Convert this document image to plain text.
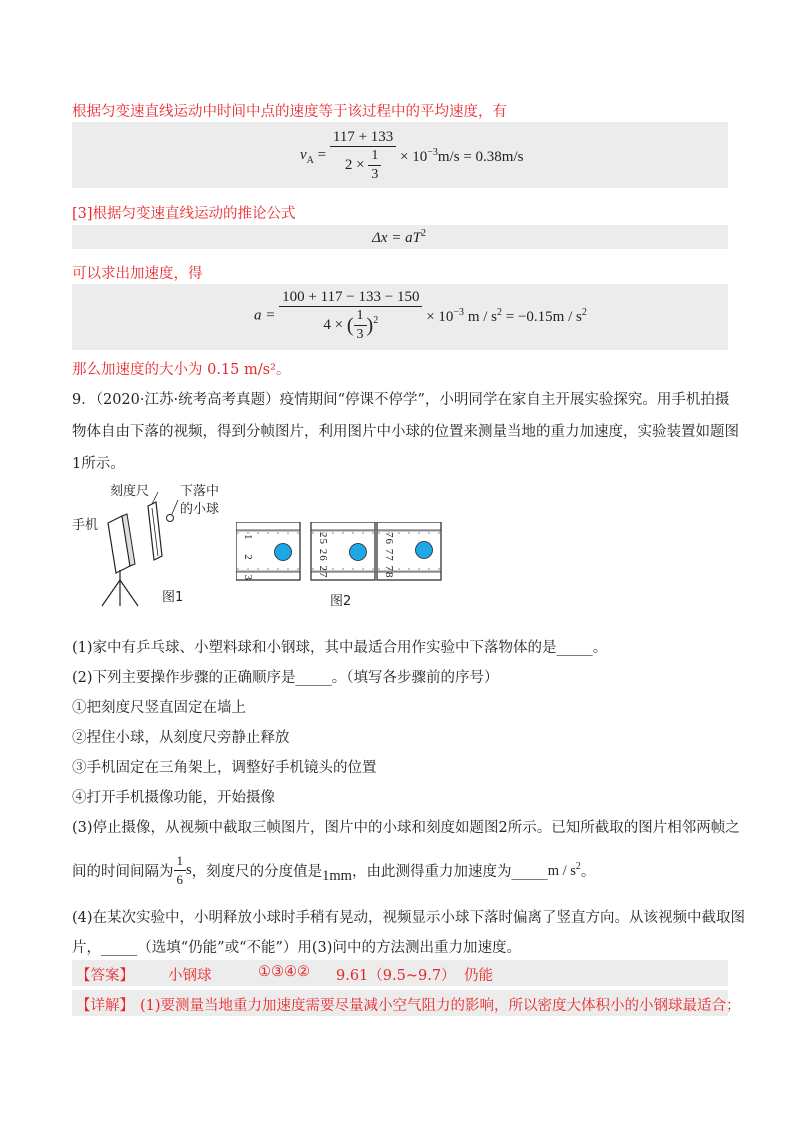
根据匀变速直线运动中时间中点的速度等于该过程中的平均速度，有
$v_A = \frac{117 + 133}{2 \times \frac{1}{3}} \times 10^{-3}m/s = 0.38m/s$
[3]根据匀变速直线运动的推论公式
$\Delta x = aT^2$
可以求出加速度，得
$a = \frac{100 + 117 - 133 - 150}{4 \times ( \frac{1}{3} )^2} \times 10^{-3}$ $m / s^2 = -0.15m / s^2$
那么加速度的大小为 0.15 m/s²。
9．（2020·江苏·统考高考真题）疫情期间“停课不停学”，小明同学在家自主开展实验探究。用手机拍摄
物体自由下落的视频，得到分帧图片，利用图片中小球的位置来测量当地的重力加速度，实验装置如题图
1所示。
刻度尺 下落中
的小球
手机
图1
1 2 3
25 26 27
76 77 78
图2
(1)家中有乒乓球、小塑料球和小钢球，其中最适合用作实验中下落物体的是_____。
(2)下列主要操作步骤的正确顺序是_____。（填写各步骤前的序号）
①把刻度尺竖直固定在墙上
②捏住小球，从刻度尺旁静止释放
③手机固定在三角架上，调整好手机镜头的位置
④打开手机摄像功能，开始摄像
(3)停止摄像，从视频中截取三帧图片，图片中的小球和刻度如题图2所示。已知所截取的图片相邻两帧之
间的时间间隔为 $\frac{1}{6}$ s ，刻度尺的分度值是 1mm ，由此测得重力加速度为_____ m / $s^2$ 。
(4)在某次实验中，小明释放小球时手稍有晃动，视频显示小球下落时偏离了竖直方向。从该视频中截取图
片，_____（选填“仍能”或“不能”）用(3)问中的方法测出重力加速度。
【答案】 小钢球	①③④② 9.61（9.5~9.7） 仍能
【详解】 (1)要测量当地重力加速度需要尽量减小空气阻力的影响，所以密度大体积小的小钢球最适合；
